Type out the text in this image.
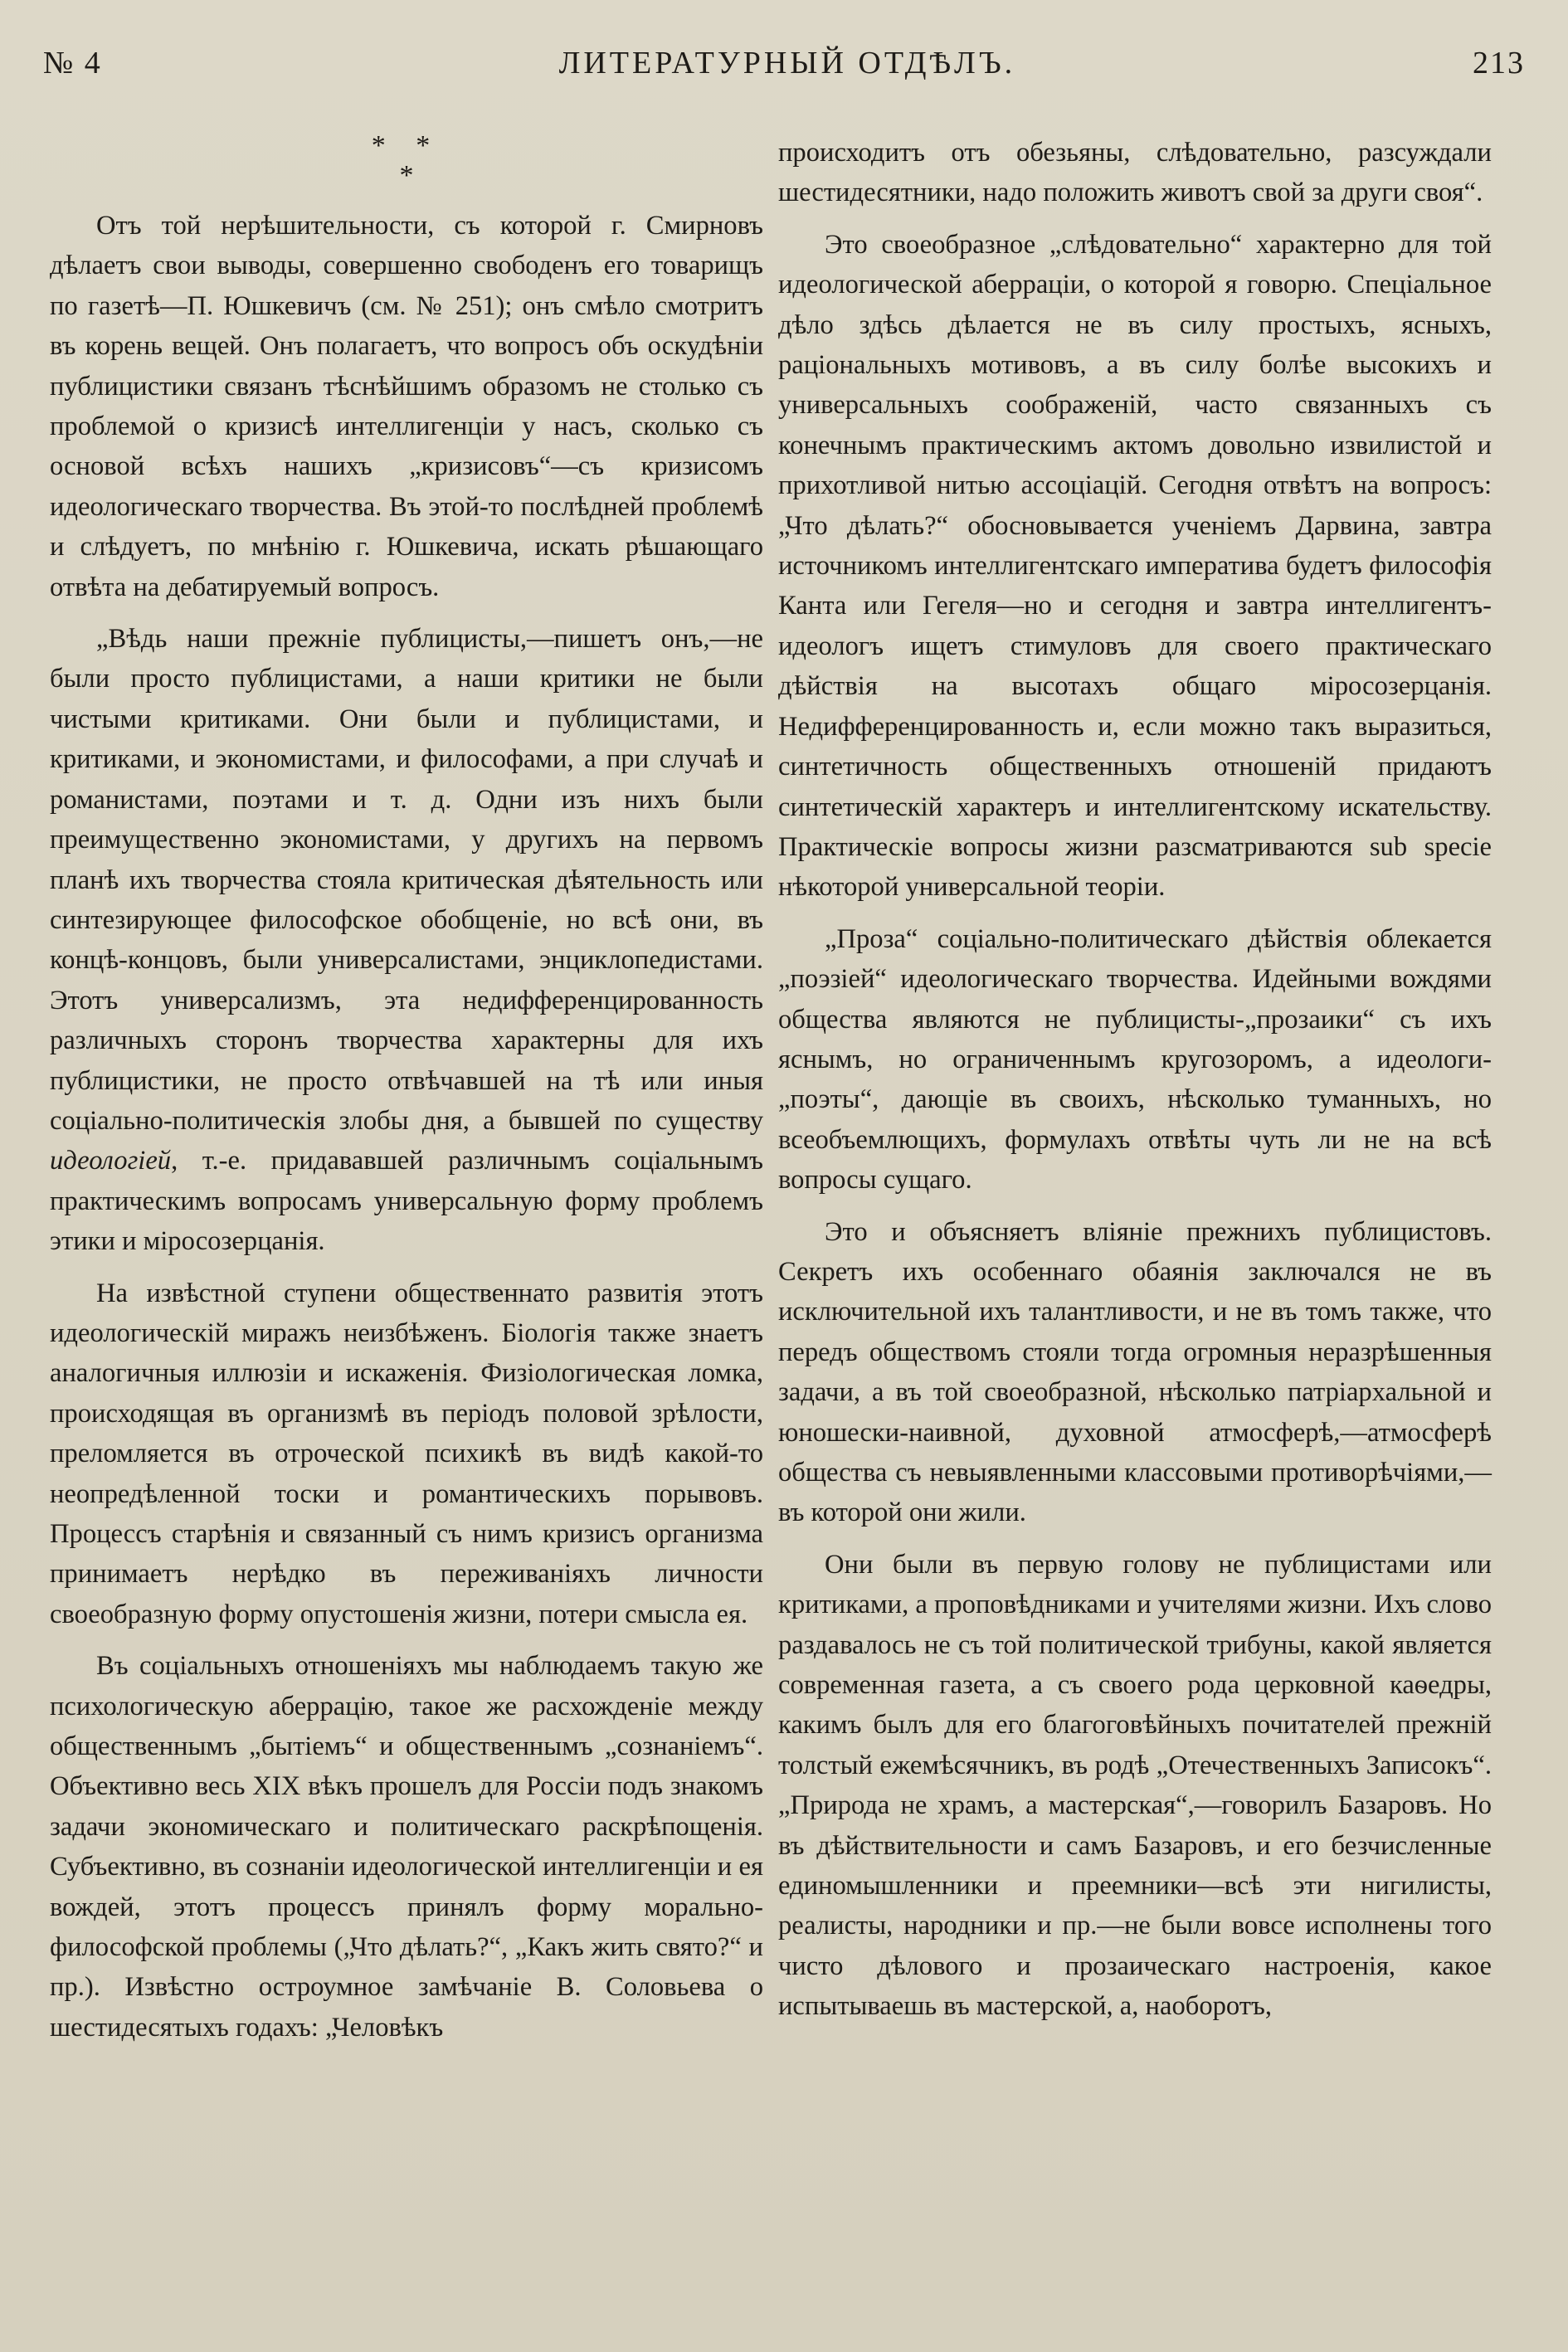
№ 4	ЛИТЕРАТУРНЫЙ ОТДѢЛЪ.	213
* *
*

Отъ той нерѣшительности, съ которой г. Смирновъ дѣлаетъ свои выводы, совершенно свободенъ его товарищъ по газетѣ—П. Юшкевичъ (см. № 251); онъ смѣло смотритъ въ корень вещей. Онъ полагаетъ, что вопросъ объ оскудѣніи публицистики связанъ тѣснѣйшимъ образомъ не столько съ проблемой о кризисѣ интеллигенціи у насъ, сколько съ основой всѣхъ нашихъ „кризисовъ“—съ кризисомъ идеологическаго творчества. Въ этой-то послѣдней проблемѣ и слѣдуетъ, по мнѣнію г. Юшкевича, искать рѣшающаго отвѣта на дебатируемый вопросъ.

„Вѣдь наши прежніе публицисты,—пишетъ онъ,—не были просто публицистами, а наши критики не были чистыми критиками. Они были и публицистами, и критиками, и экономистами, и философами, а при случаѣ и романистами, поэтами и т. д. Одни изъ нихъ были преимущественно экономистами, у другихъ на первомъ планѣ ихъ творчества стояла критическая дѣятельность или синтезирующее философское обобщеніе, но всѣ они, въ концѣ-концовъ, были универсалистами, энциклопедистами. Этотъ универсализмъ, эта недифференцированность различныхъ сторонъ творчества характерны для ихъ публицистики, не просто отвѣчавшей на тѣ или иныя соціально-политическія злобы дня, а бывшей по существу идеологіей, т.-е. придававшей различнымъ соціальнымъ практическимъ вопросамъ универсальную форму проблемъ этики и міросозерцанія.

На извѣстной ступени общественнато развитія этотъ идеологическій миражъ неизбѣженъ. Біологія также знаетъ аналогичныя иллюзіи и искаженія. Физіологическая ломка, происходящая въ организмѣ въ періодъ половой зрѣлости, преломляется въ отроческой психикѣ въ видѣ какой-то неопредѣленной тоски и романтическихъ порывовъ. Процессъ старѣнія и связанный съ нимъ кризисъ организма принимаетъ нерѣдко въ переживаніяхъ личности своеобразную форму опустошенія жизни, потери смысла ея.

Въ соціальныхъ отношеніяхъ мы наблюдаемъ такую же психологическую аберрацію, такое же расхожденіе между общественнымъ „бытіемъ“ и общественнымъ „сознаніемъ“. Объективно весь XIX вѣкъ прошелъ для Россіи подъ знакомъ задачи экономическаго и политическаго раскрѣпощенія. Субъективно, въ сознаніи идеологической интеллигенціи и ея вождей, этотъ процессъ принялъ форму морально-философской проблемы („Что дѣлать?“, „Какъ жить свято?“ и пр.). Извѣстно остроумное замѣчаніе В. Соловьева о шестидесятыхъ годахъ: „Человѣкъ

происходитъ отъ обезьяны, слѣдовательно, разсуждали шестидесятники, надо положить животъ свой за други своя“.

Это своеобразное „слѣдовательно“ характерно для той идеологической аберраціи, о которой я говорю. Спеціальное дѣло здѣсь дѣлается не въ силу простыхъ, ясныхъ, раціональныхъ мотивовъ, а въ силу болѣе высокихъ и универсальныхъ соображеній, часто связанныхъ съ конечнымъ практическимъ актомъ довольно извилистой и прихотливой нитью ассоціацій. Сегодня отвѣтъ на вопросъ: „Что дѣлать?“ обосновывается ученіемъ Дарвина, завтра источникомъ интеллигентскаго императива будетъ философія Канта или Гегеля—но и сегодня и завтра интеллигентъ-идеологъ ищетъ стимуловъ для своего практическаго дѣйствія на высотахъ общаго міросозерцанія. Недифференцированность и, если можно такъ выразиться, синтетичность общественныхъ отношеній придаютъ синтетическій характеръ и интеллигентскому искательству. Практическіе вопросы жизни разсматриваются sub specie нѣкоторой универсальной теоріи.

„Проза“ соціально-политическаго дѣйствія облекается „поэзіей“ идеологическаго творчества. Идейными вождями общества являются не публицисты-„прозаики“ съ ихъ яснымъ, но ограниченнымъ кругозоромъ, а идеологи-„поэты“, дающіе въ своихъ, нѣсколько туманныхъ, но всеобъемлющихъ, формулахъ отвѣты чуть ли не на всѣ вопросы сущаго.

Это и объясняетъ вліяніе прежнихъ публицистовъ. Секретъ ихъ особеннаго обаянія заключался не въ исключительной ихъ талантливости, и не въ томъ также, что передъ обществомъ стояли тогда огромныя неразрѣшенныя задачи, а въ той своеобразной, нѣсколько патріархальной и юношески-наивной, духовной атмосферѣ,—атмосферѣ общества съ невыявленными классовыми противорѣчіями,—въ которой они жили.

Они были въ первую голову не публицистами или критиками, а проповѣдниками и учителями жизни. Ихъ слово раздавалось не съ той политической трибуны, какой является современная газета, а съ своего рода церковной каѳедры, какимъ былъ для его благоговѣйныхъ почитателей прежній толстый ежемѣсячникъ, въ родѣ „Отечественныхъ Записокъ“. „Природа не храмъ, а мастерская“,—говорилъ Базаровъ. Но въ дѣйствительности и самъ Базаровъ, и его безчисленные единомышленники и преемники—всѣ эти нигилисты, реалисты, народники и пр.—не были вовсе исполнены того чисто дѣлового и прозаическаго настроенія, какое испытываешь въ мастерской, а, наоборотъ,
